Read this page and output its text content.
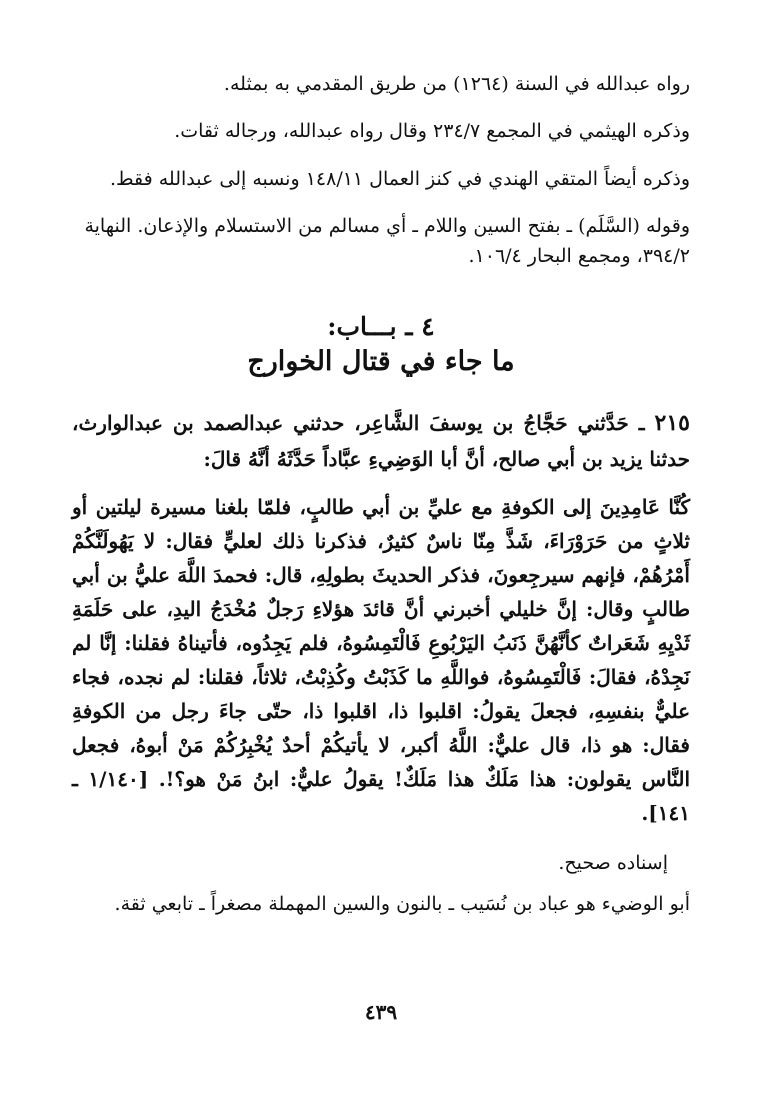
رواه عبدالله في السنة (١٢٦٤) من طريق المقدمي به بمثله.

وذكره الهيثمي في المجمع ٢٣٤/٧ وقال رواه عبدالله، ورجاله ثقات.

وذكره أيضاً المتقي الهندي في كنز العمال ١٤٨/١١ ونسبه إلى عبدالله فقط.

وقوله (السَّلَم) ـ بفتح السين واللام ـ أي مسالم من الاستسلام والإذعان. النهاية ٣٩٤/٢، ومجمع البحار ١٠٦/٤.

٤ ـ بـــاب:
ما جاء في قتال الخوارج

٢١٥ ـ حَدَّثني حَجَّاجُ بن يوسفَ الشَّاعِر، حدثني عبدالصمد بن عبدالوارث، حدثنا يزيد بن أبي صالح، أنَّ أبا الوَضِيءِ عبَّاداً حَدَّثَهُ أنَّهُ قالَ:

كُنَّا عَامِدِينَ إلى الكوفةِ مع عليِّ بن أبي طالبٍ، فلمّا بلغنا مسيرة ليلتين أو ثلاثٍ من حَرَوْرَاءَ، شَذَّ مِنّا ناسٌ كثيرٌ، فذكرنا ذلك لعليٍّ فقال: لا يَهُولَنَّكُمْ أَمْرُهُمْ، فإنهم سيرجِعونَ، فذكر الحديثَ بطولِهِ، قال: فحمدَ اللَّهَ عليُّ بن أبي طالبٍ وقال: إنَّ خليلي أخبرني أنَّ قائدَ هؤلاءِ رَجلٌ مُخْدَجُ اليدِ، على حَلَمَةِ ثَدْيِهِ شَعَراتٌ كأنَّهُنَّ ذَنَبُ اليَرْبُوعِ فَالْتَمِسُوهُ، فلم يَجِدُوه، فأتيناهُ فقلنا: إنَّا لم نَجِدْهُ، فقالَ: فَالْتَمِسُوهُ، فواللَّهِ ما كَذَبْتُ وكُذِبْتُ، ثلاثاً، فقلنا: لم نجده، فجاء عليٌّ بنفسِهِ، فجعلَ يقولُ: اقلبوا ذا، اقلبوا ذا، حتّى جاءَ رجل من الكوفةِ فقال: هو ذا، قال عليٌّ: اللَّهُ أكبر، لا يأتيكُمْ أحدٌ يُخْبِرُكُمْ مَنْ أبوهُ، فجعل النَّاس يقولون: هذا مَلَكٌ هذا مَلَكٌ! يقولُ عليٌّ: ابنُ مَنْ هو؟!. [١/١٤٠ ـ ١٤١].

إسناده صحيح.

أبو الوضيء هو عباد بن نُسَيب ـ بالنون والسين المهملة مصغراً ـ تابعي ثقة.

٤٣٩
